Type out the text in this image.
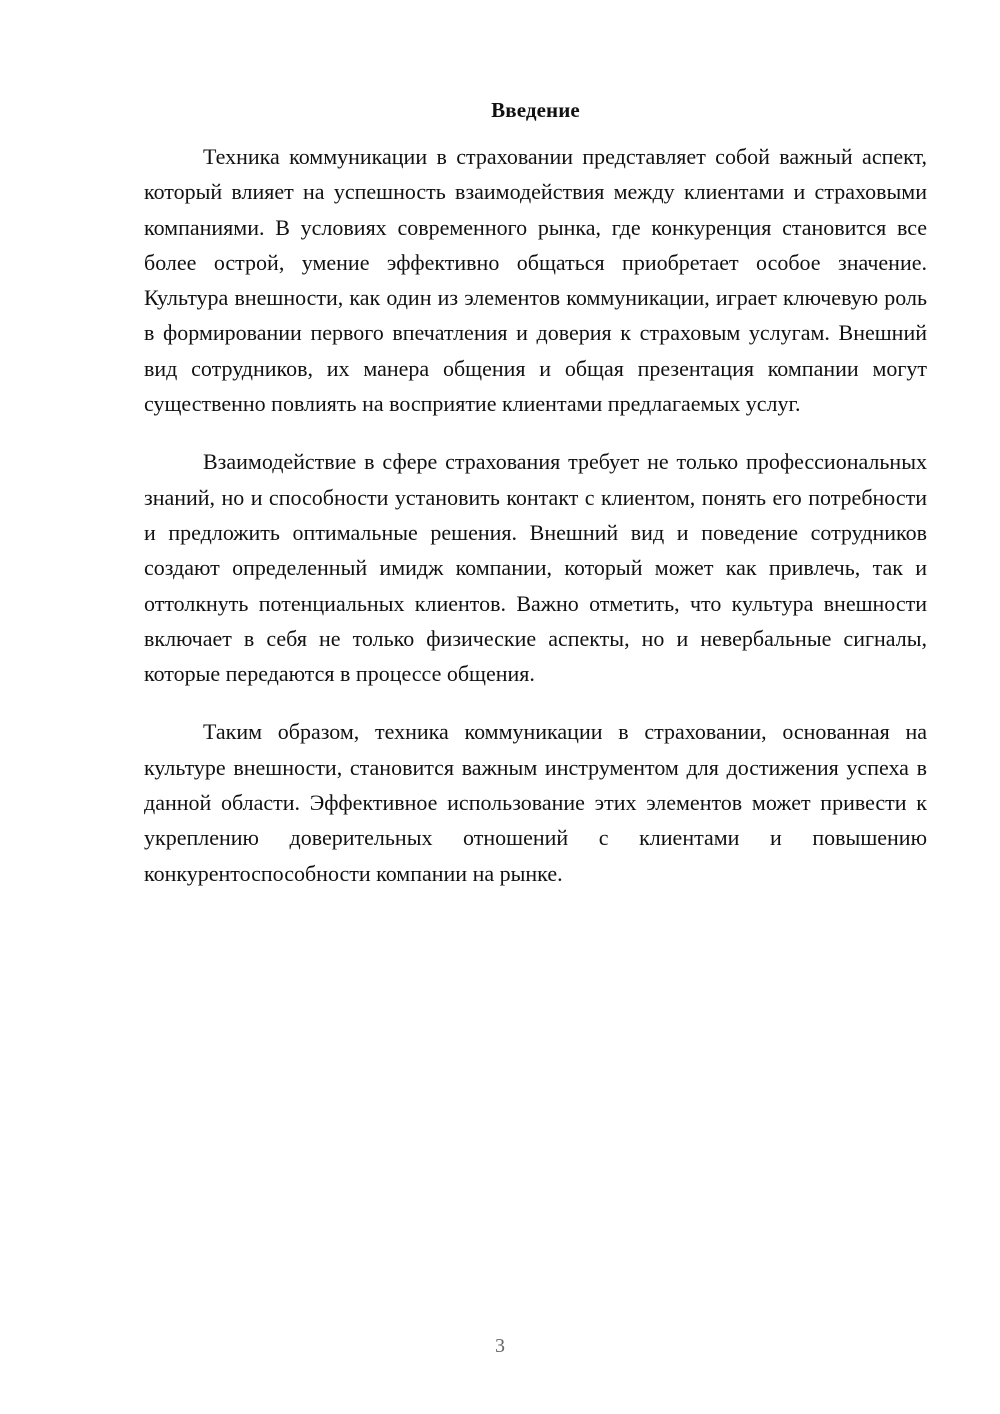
Введение

Техника коммуникации в страховании представляет собой важный аспект, который влияет на успешность взаимодействия между клиентами и страховыми компаниями. В условиях современного рынка, где конкуренция становится все более острой, умение эффективно общаться приобретает особое значение. Культура внешности, как один из элементов коммуникации, играет ключевую роль в формировании первого впечатления и доверия к страховым услугам. Внешний вид сотрудников, их манера общения и общая презентация компании могут существенно повлиять на восприятие клиентами предлагаемых услуг.

Взаимодействие в сфере страхования требует не только профессиональных знаний, но и способности установить контакт с клиентом, понять его потребности и предложить оптимальные решения. Внешний вид и поведение сотрудников создают определенный имидж компании, который может как привлечь, так и оттолкнуть потенциальных клиентов. Важно отметить, что культура внешности включает в себя не только физические аспекты, но и невербальные сигналы, которые передаются в процессе общения.

Таким образом, техника коммуникации в страховании, основанная на культуре внешности, становится важным инструментом для достижения успеха в данной области. Эффективное использование этих элементов может привести к укреплению доверительных отношений с клиентами и повышению конкурентоспособности компании на рынке.

3
